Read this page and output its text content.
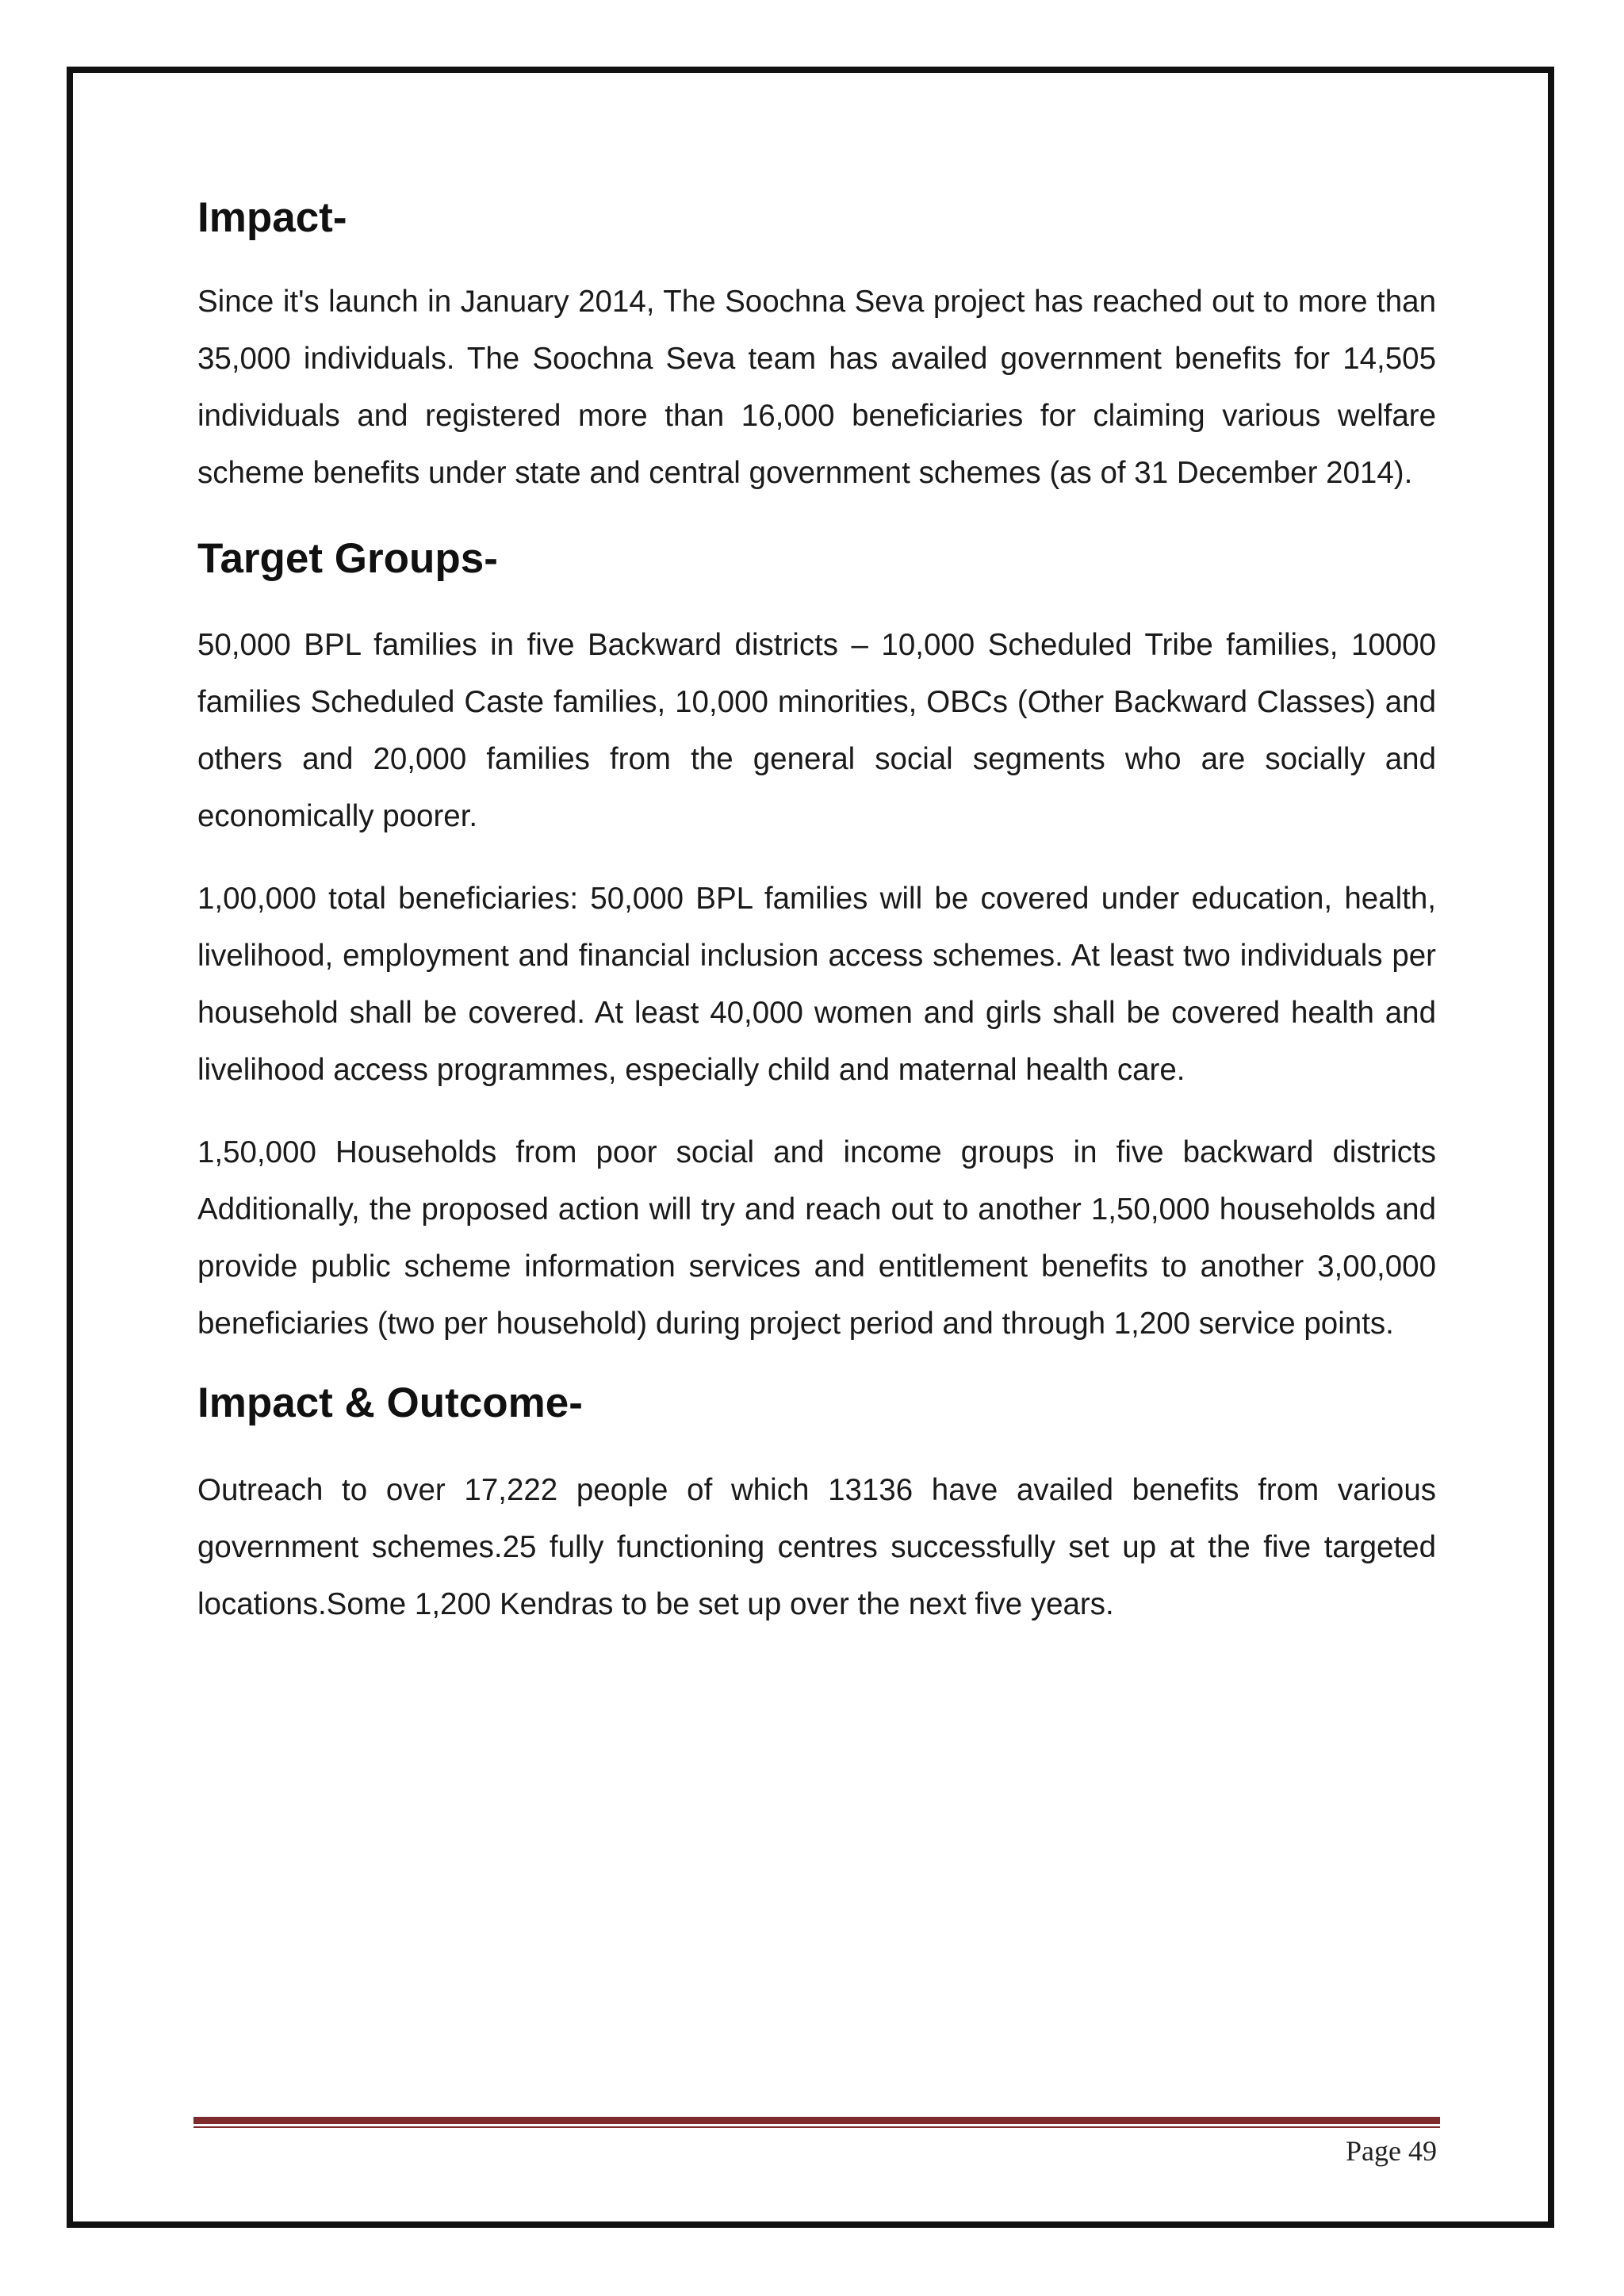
Impact-

Since it's launch in January 2014, The Soochna Seva project has reached out to more than 35,000 individuals. The Soochna Seva team has availed government benefits for 14,505 individuals and registered more than 16,000 beneficiaries for claiming various welfare scheme benefits under state and central government schemes (as of 31 December 2014).

Target Groups-

50,000 BPL families in five Backward districts – 10,000 Scheduled Tribe families, 10000 families Scheduled Caste families, 10,000 minorities, OBCs (Other Backward Classes) and others and 20,000 families from the general social segments who are socially and economically poorer.

1,00,000 total beneficiaries: 50,000 BPL families will be covered under education, health, livelihood, employment and financial inclusion access schemes. At least two individuals per household shall be covered. At least 40,000 women and girls shall be covered health and livelihood access programmes, especially child and maternal health care.

1,50,000 Households from poor social and income groups in five backward districts Additionally, the proposed action will try and reach out to another 1,50,000 households and provide public scheme information services and entitlement benefits to another 3,00,000 beneficiaries (two per household) during project period and through 1,200 service points.

Impact & Outcome-

Outreach to over 17,222 people of which 13136 have availed benefits from various government schemes.25 fully functioning centres successfully set up at the five targeted locations.Some 1,200 Kendras to be set up over the next five years.

Page 49
